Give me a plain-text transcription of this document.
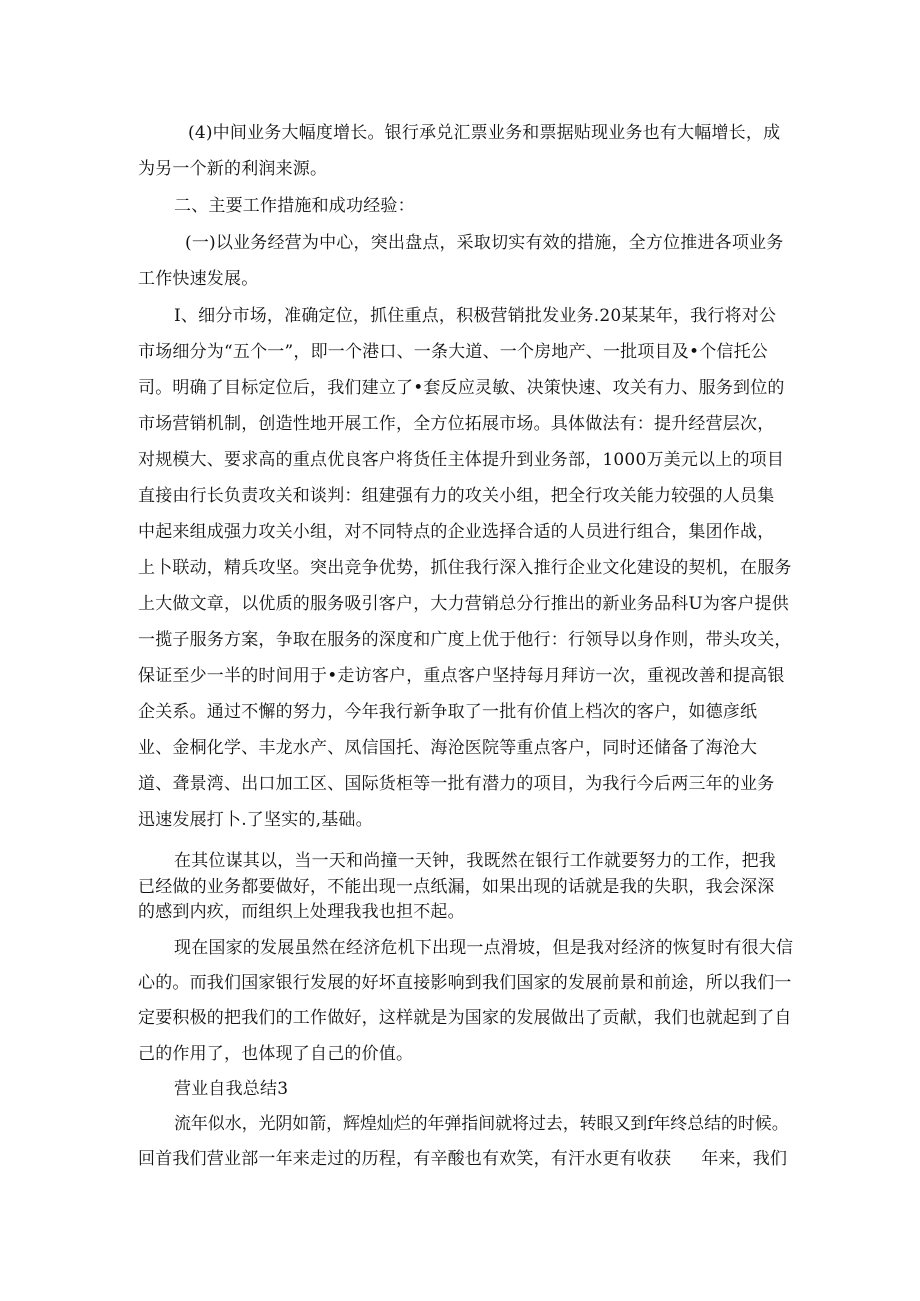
(4)中间业务大幅度增长。银行承兑汇票业务和票据贴现业务也有大幅增长，成
为另一个新的利润来源。
二、主要工作措施和成功经验：
(一)以业务经营为中心，突出盘点，采取切实有效的措施，全方位推进各项业务
工作快速发展。
I、细分市场，准确定位，抓住重点，积极营销批发业务.20某某年，我行将对公
市场细分为“五个一”，即一个港口、一条大道、一个房地产、一批项目及•个信托公
司。明确了目标定位后，我们建立了•套反应灵敏、决策快速、攻关有力、服务到位的
市场营销机制，创造性地开展工作，全方位拓展市场。具体做法有：提升经营层次，
对规模大、要求高的重点优良客户将货任主体提升到业务部，1000万美元以上的项目
直接由行长负责攻关和谈判：组建强有力的攻关小组，把全行攻关能力较强的人员集
中起来组成强力攻关小组，对不同特点的企业选择合适的人员进行组合，集团作战，
上卜联动，精兵攻坚。突出竞争优势，抓住我行深入推行企业文化建设的契机，在服务
上大做文章，以优质的服务吸引客户，大力营销总分行推出的新业务品科U为客户提供
一揽子服务方案，争取在服务的深度和广度上优于他行：行领导以身作则，带头攻关，
保证至少一半的时间用于•走访客户，重点客户坚持每月拜访一次，重视改善和提高银
企关系。通过不懈的努力，今年我行新争取了一批有价值上档次的客户，如德彦纸
业、金桐化学、丰龙水产、凤信国托、海沧医院等重点客户，同时还储备了海沧大
道、聋景湾、出口加工区、国际货柜等一批有潜力的项目，为我行今后两三年的业务
迅速发展打卜.了坚实的,基础。
在其位谋其以，当一天和尚撞一天钟，我既然在银行工作就要努力的工作，把我
已经做的业务都要做好，不能出现一点纸漏，如果出现的话就是我的失职，我会深深
的感到内疚，而组织上处理我我也担不起。
现在国家的发展虽然在经济危机下出现一点滑坡，但是我对经济的恢复时有很大信
心的。而我们国家银行发展的好坏直接影响到我们国家的发展前景和前途，所以我们一
定要积极的把我们的工作做好，这样就是为国家的发展做出了贡献，我们也就起到了自
己的作用了，也体现了自己的价值。
营业自我总结3
流年似水，光阴如箭，辉煌灿烂的年弹指间就将过去，转眼又到f年终总结的时候。
回首我们营业部一年来走过的历程，有辛酸也有欢笑，有汗水更有收获 年来，我们
